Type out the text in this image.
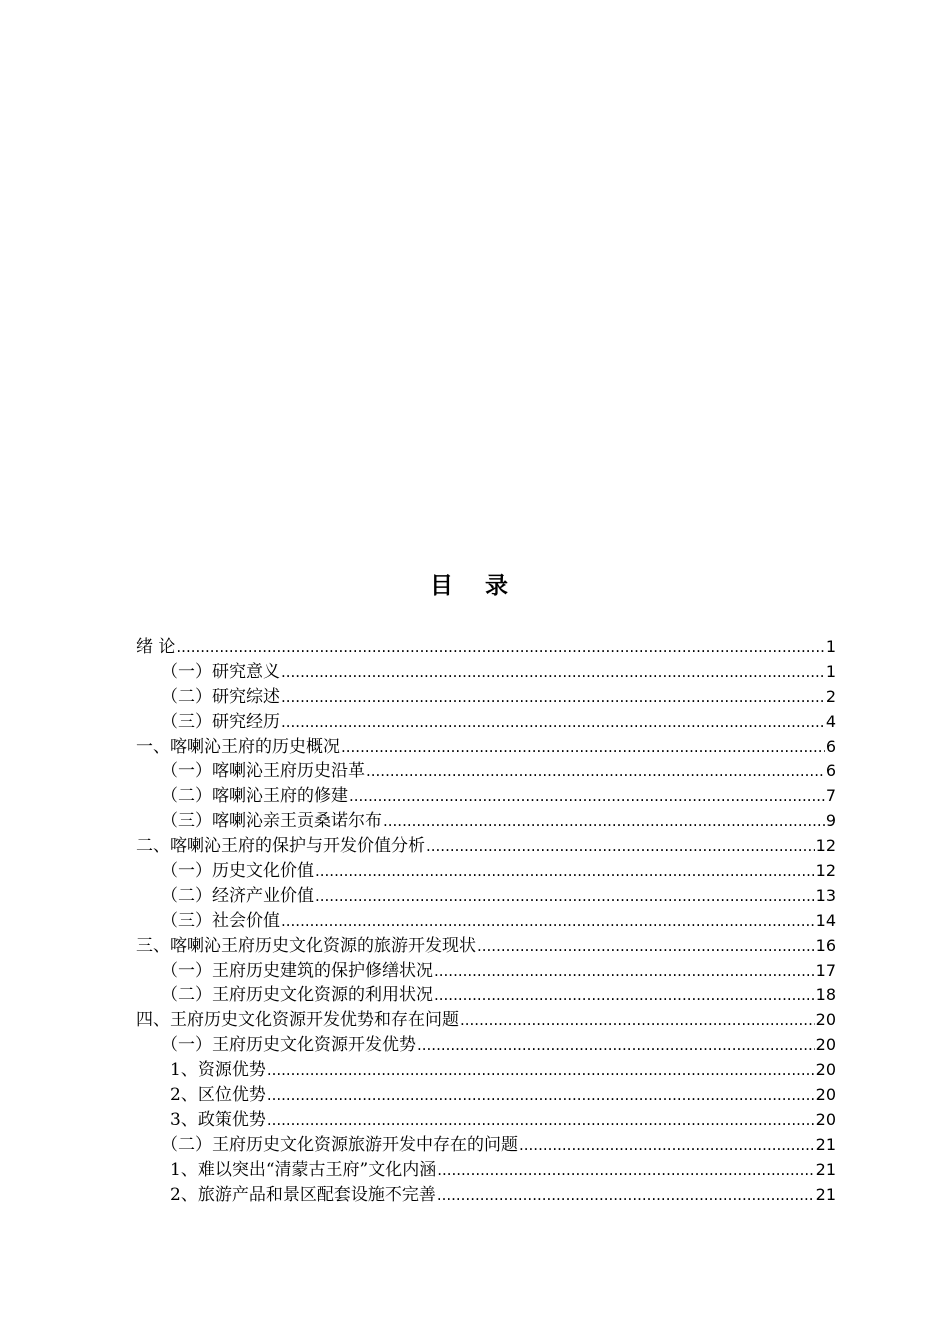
目 录
绪 论 .....	1
（一）研究意义 .....	1
（二）研究综述 .....	2
（三）研究经历 .....	4
一、喀喇沁王府的历史概况 .....	6
（一）喀喇沁王府历史沿革 .....	6
（二）喀喇沁王府的修建 .....	7
（三）喀喇沁亲王贡桑诺尔布 .....	9
二、喀喇沁王府的保护与开发价值分析 .....	12
（一）历史文化价值 .....	12
（二）经济产业价值 .....	13
（三）社会价值 .....	14
三、喀喇沁王府历史文化资源的旅游开发现状 .....	16
（一）王府历史建筑的保护修缮状况 .....	17
（二）王府历史文化资源的利用状况 .....	18
四、王府历史文化资源开发优势和存在问题 .....	20
（一）王府历史文化资源开发优势 .....	20
1、资源优势 .....	20
2、区位优势 .....	20
3、政策优势 .....	20
（二）王府历史文化资源旅游开发中存在的问题 .....	21
1、难以突出“清蒙古王府”文化内涵 .....	21
2、旅游产品和景区配套设施不完善 .....	21
